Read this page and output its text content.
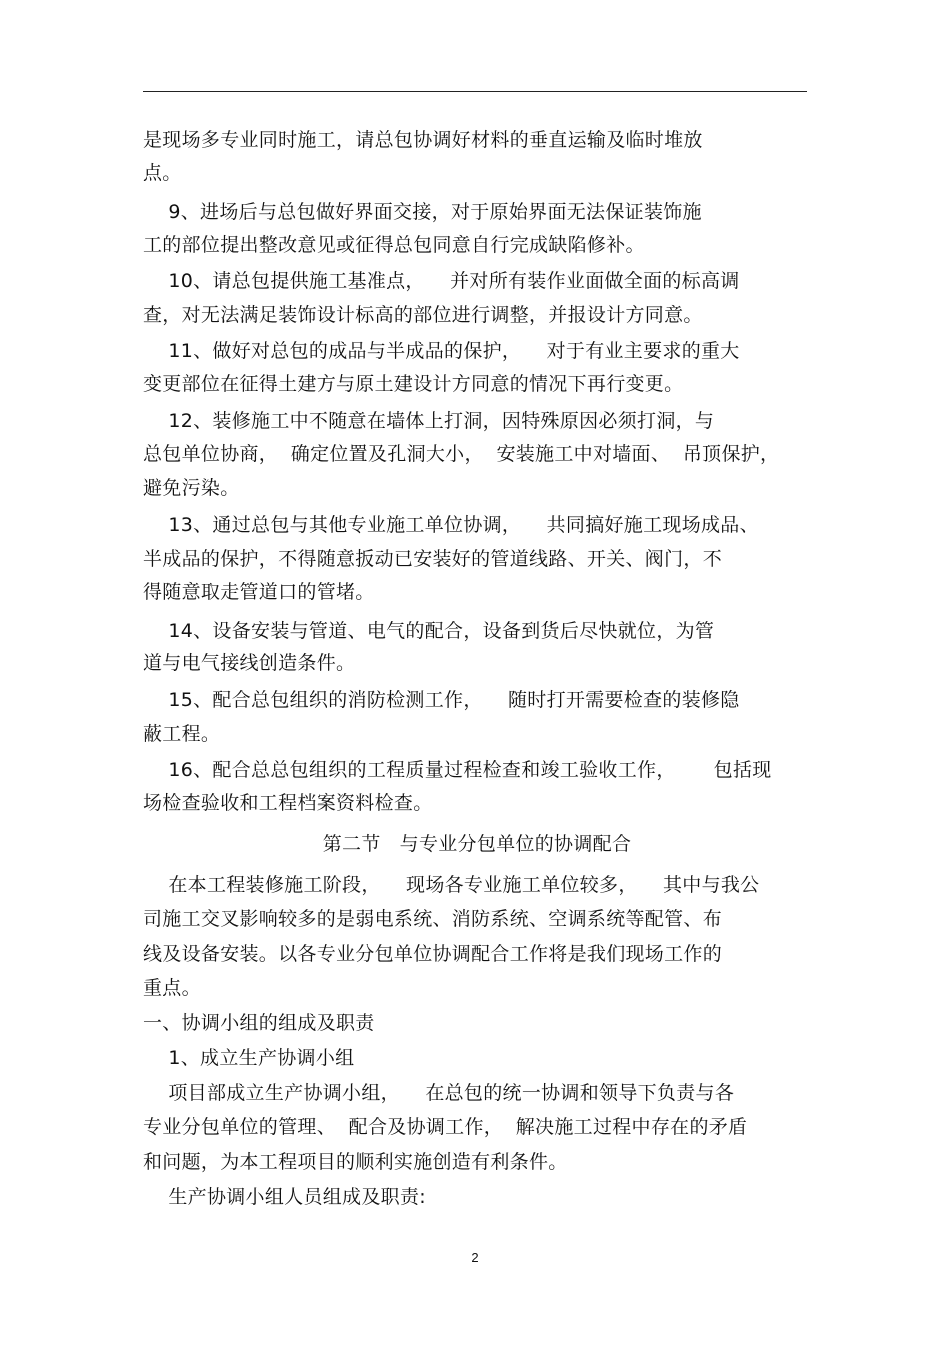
是现场多专业同时施工，请总包协调好材料的垂直运输及临时堆放
点。
9、进场后与总包做好界面交接，对于原始界面无法保证装饰施
工的部位提出整改意见或征得总包同意自行完成缺陷修补。
10、请总包提供施工基准点，    并对所有装作业面做全面的标高调
查，对无法满足装饰设计标高的部位进行调整，并报设计方同意。
11、做好对总包的成品与半成品的保护，    对于有业主要求的重大
变更部位在征得土建方与原土建设计方同意的情况下再行变更。
12、装修施工中不随意在墙体上打洞，因特殊原因必须打洞，与
总包单位协商，  确定位置及孔洞大小，  安装施工中对墙面、  吊顶保护，
避免污染。
13、通过总包与其他专业施工单位协调，    共同搞好施工现场成品、
半成品的保护，不得随意扳动已安装好的管道线路、开关、阀门，不
得随意取走管道口的管堵。
14、设备安装与管道、电气的配合，设备到货后尽快就位，为管
道与电气接线创造条件。
15、配合总包组织的消防检测工作，    随时打开需要检查的装修隐
蔽工程。
16、配合总总包组织的工程质量过程检查和竣工验收工作，      包括现
场检查验收和工程档案资料检查。
第二节   与专业分包单位的协调配合
在本工程装修施工阶段，    现场各专业施工单位较多，    其中与我公
司施工交叉影响较多的是弱电系统、消防系统、空调系统等配管、布
线及设备安装。以各专业分包单位协调配合工作将是我们现场工作的
重点。
一、协调小组的组成及职责
1、成立生产协调小组
项目部成立生产协调小组，    在总包的统一协调和领导下负责与各
专业分包单位的管理、  配合及协调工作，  解决施工过程中存在的矛盾
和问题，为本工程项目的顺利实施创造有利条件。
生产协调小组人员组成及职责:
2
